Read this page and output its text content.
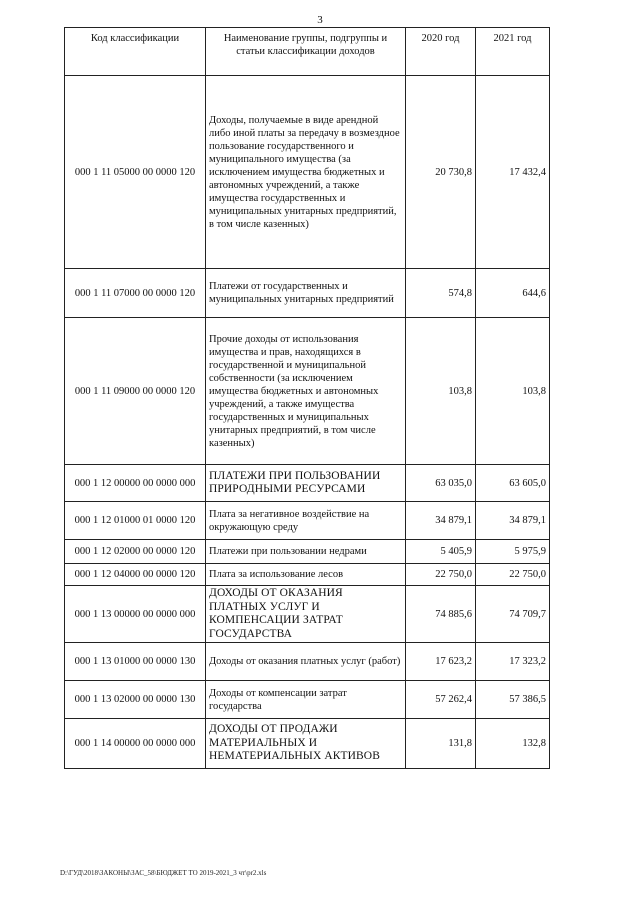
3
Код классификации	Наименование группы, подгруппы и статьи классификации доходов	2020 год	2021 год
000 1 11 05000 00 0000 120	Доходы, получаемые в виде арендной либо иной платы за передачу в возмездное пользование государственного и муниципального имущества (за исключением имущества бюджетных и автономных учреждений, а также имущества государственных и муниципальных унитарных предприятий, в том числе казенных)	20 730,8	17 432,4
000 1 11 07000 00 0000 120	Платежи от государственных и муниципальных унитарных предприятий	574,8	644,6
000 1 11 09000 00 0000 120	Прочие доходы от использования имущества и прав, находящихся в государственной и муниципальной собственности (за исключением имущества бюджетных и автономных учреждений, а также имущества государственных и муниципальных унитарных предприятий, в том числе казенных)	103,8	103,8
000 1 12 00000 00 0000 000	ПЛАТЕЖИ ПРИ ПОЛЬЗОВАНИИ ПРИРОДНЫМИ РЕСУРСАМИ	63 035,0	63 605,0
000 1 12 01000 01 0000 120	Плата за негативное воздействие на окружающую среду	34 879,1	34 879,1
000 1 12 02000 00 0000 120	Платежи при пользовании недрами	5 405,9	5 975,9
000 1 12 04000 00 0000 120	Плата за использование лесов	22 750,0	22 750,0
000 1 13 00000 00 0000 000	ДОХОДЫ ОТ ОКАЗАНИЯ ПЛАТНЫХ УСЛУГ И КОМПЕНСАЦИИ ЗАТРАТ ГОСУДАРСТВА	74 885,6	74 709,7
000 1 13 01000 00 0000 130	Доходы от оказания платных услуг (работ)	17 623,2	17 323,2
000 1 13 02000 00 0000 130	Доходы от компенсации затрат государства	57 262,4	57 386,5
000 1 14 00000 00 0000 000	ДОХОДЫ ОТ ПРОДАЖИ МАТЕРИАЛЬНЫХ И НЕМАТЕРИАЛЬНЫХ АКТИВОВ	131,8	132,8
D:\ГУД\2018\ЗАКОНЫ\ЗАС_58\БЮДЖЕТ ТО 2019-2021_3 чт\pr2.xls
